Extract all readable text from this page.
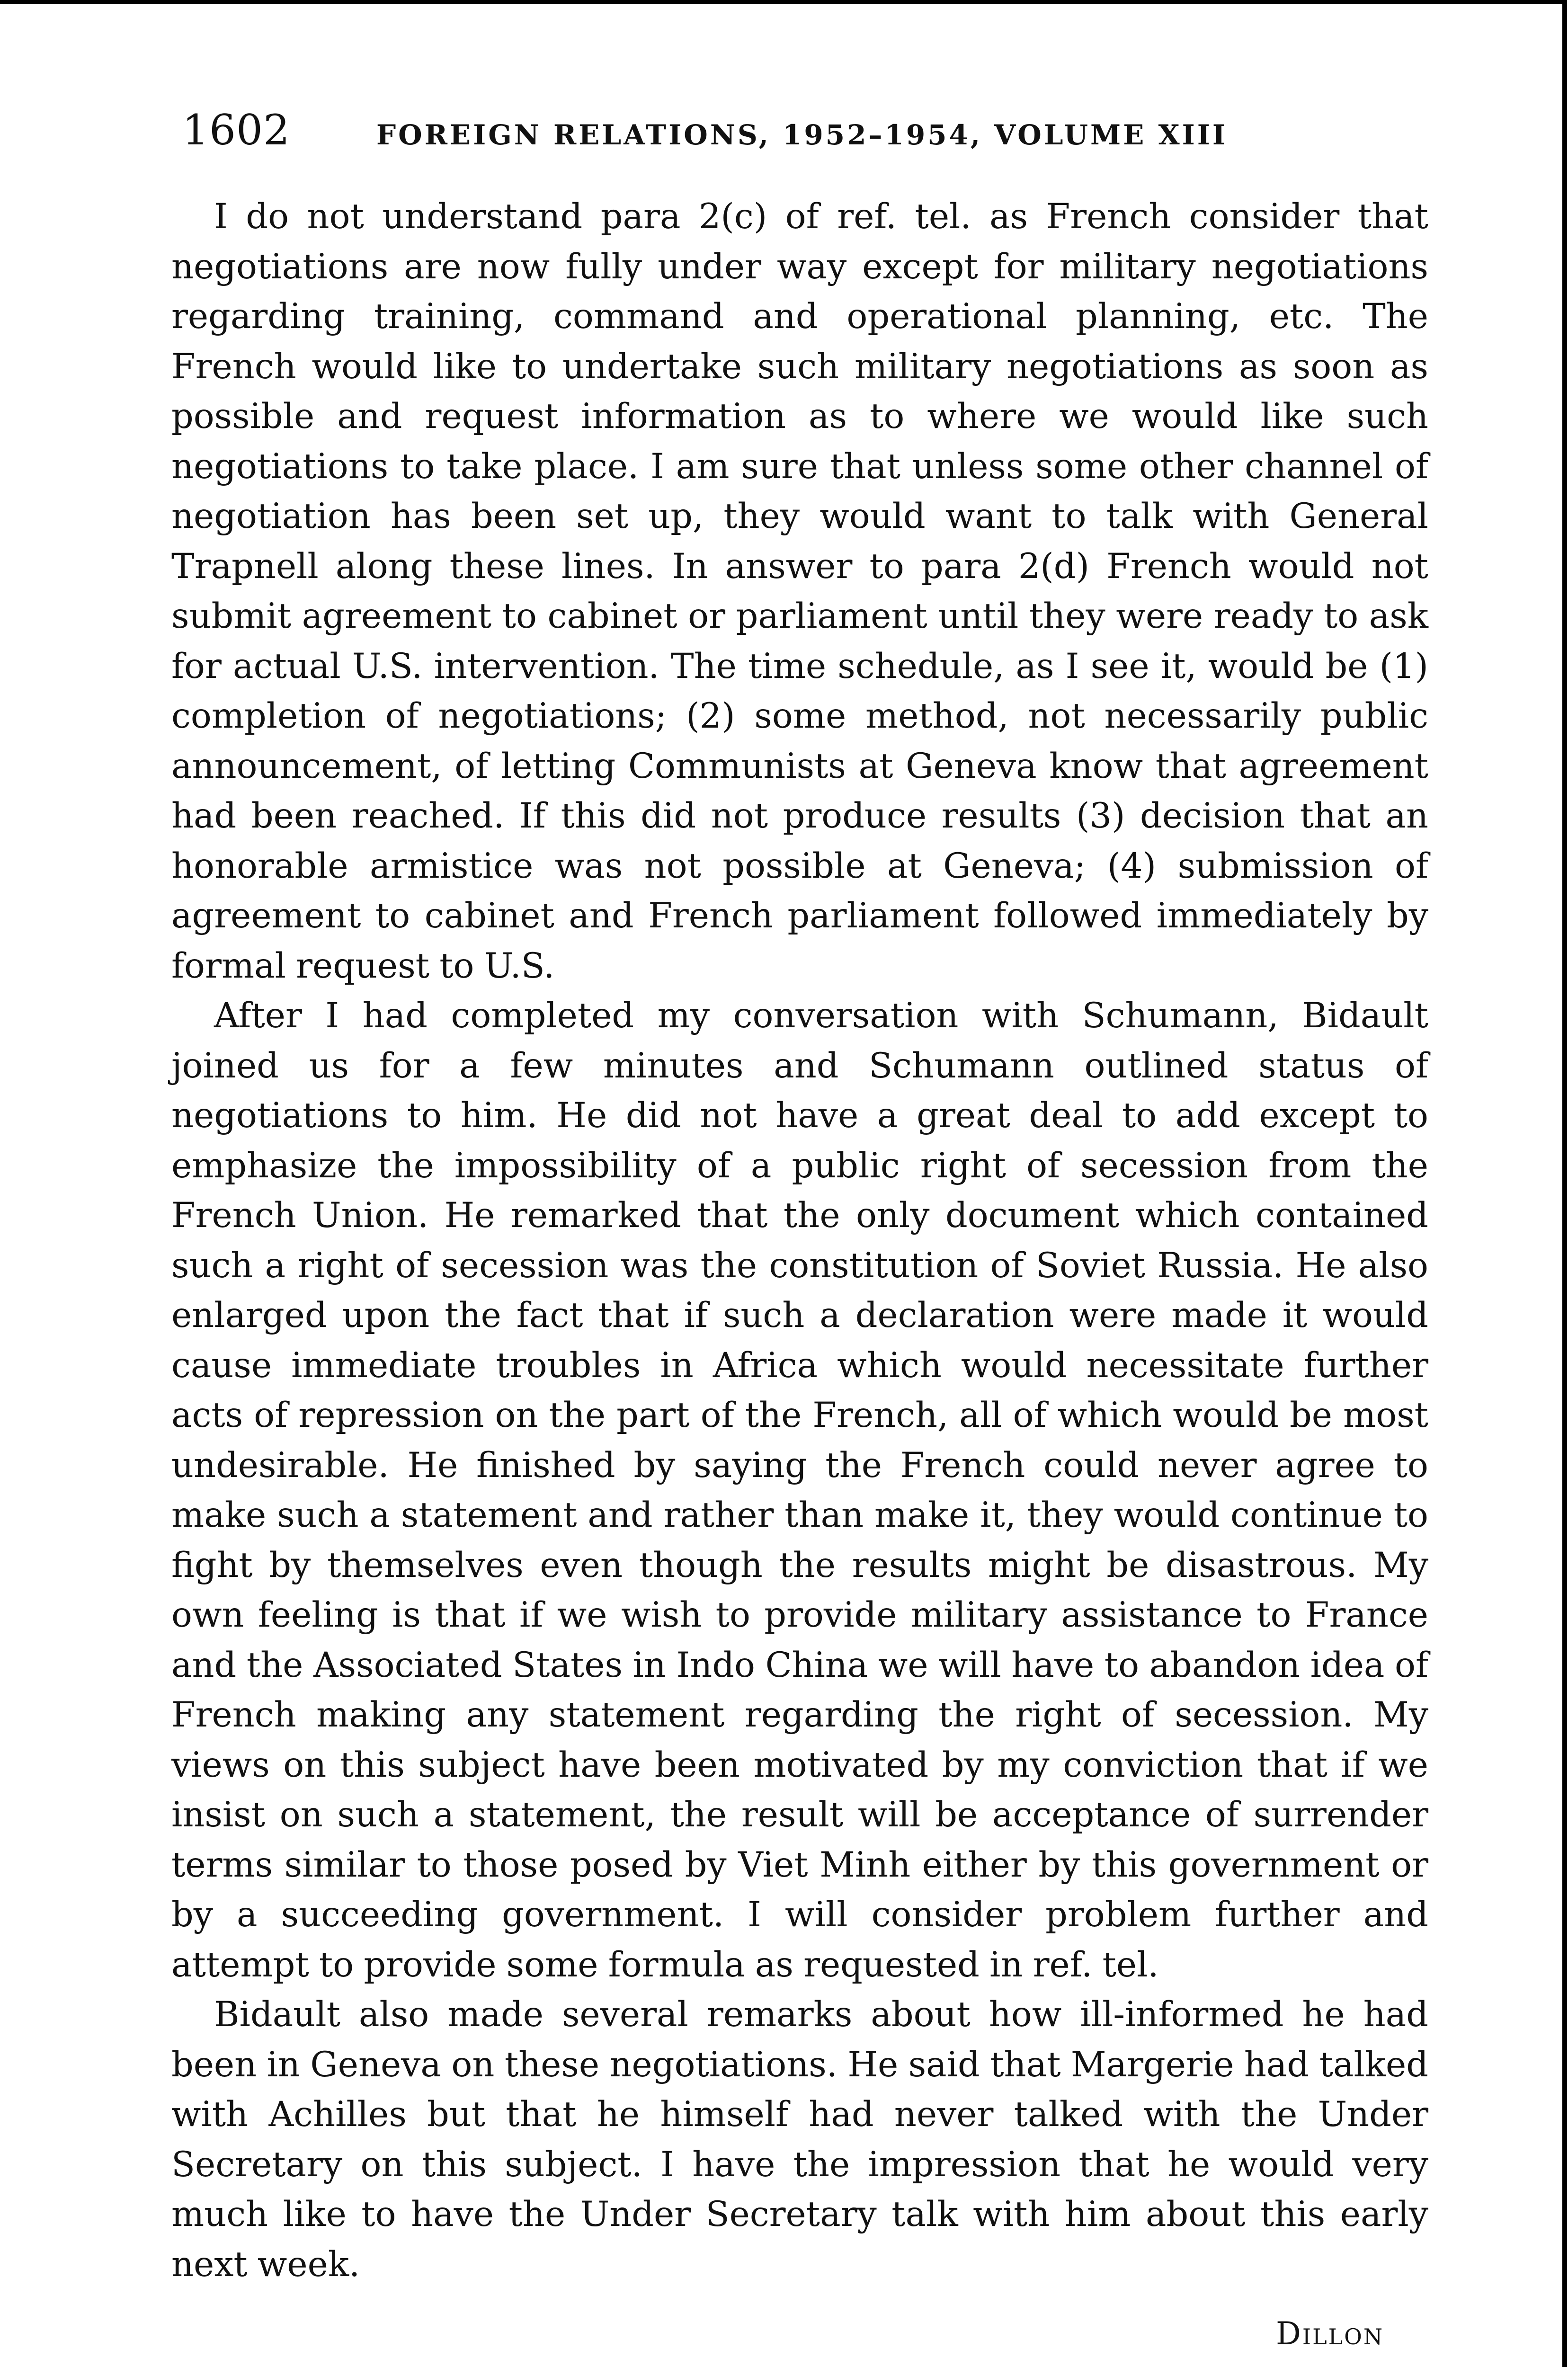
1602	FOREIGN RELATIONS, 1952–1954, VOLUME XIII

I do not understand para 2(c) of ref. tel. as French consider that negotiations are now fully under way except for military negotiations regarding training, command and operational planning, etc. The French would like to undertake such military negotiations as soon as possible and request information as to where we would like such negotiations to take place. I am sure that unless some other channel of negotiation has been set up, they would want to talk with General Trapnell along these lines. In answer to para 2(d) French would not submit agreement to cabinet or parliament until they were ready to ask for actual U.S. intervention. The time schedule, as I see it, would be (1) completion of negotiations; (2) some method, not necessarily public announcement, of letting Communists at Geneva know that agreement had been reached. If this did not produce results (3) decision that an honorable armistice was not possible at Geneva; (4) submission of agreement to cabinet and French parliament followed immediately by formal request to U.S.

After I had completed my conversation with Schumann, Bidault joined us for a few minutes and Schumann outlined status of negotiations to him. He did not have a great deal to add except to emphasize the impossibility of a public right of secession from the French Union. He remarked that the only document which contained such a right of secession was the constitution of Soviet Russia. He also enlarged upon the fact that if such a declaration were made it would cause immediate troubles in Africa which would necessitate further acts of repression on the part of the French, all of which would be most undesirable. He finished by saying the French could never agree to make such a statement and rather than make it, they would continue to fight by themselves even though the results might be disastrous. My own feeling is that if we wish to provide military assistance to France and the Associated States in Indo China we will have to abandon idea of French making any statement regarding the right of secession. My views on this subject have been motivated by my conviction that if we insist on such a statement, the result will be acceptance of surrender terms similar to those posed by Viet Minh either by this government or by a succeeding government. I will consider problem further and attempt to provide some formula as requested in ref. tel.

Bidault also made several remarks about how ill-informed he had been in Geneva on these negotiations. He said that Margerie had talked with Achilles but that he himself had never talked with the Under Secretary on this subject. I have the impression that he would very much like to have the Under Secretary talk with him about this early next week.

Dillon
